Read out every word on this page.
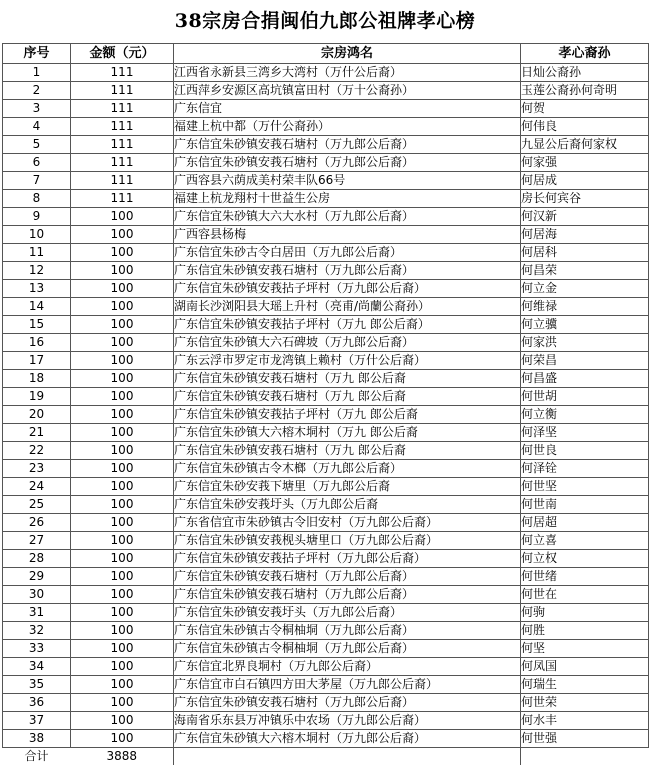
38宗房合捐闽伯九郎公祖牌孝心榜
序号	金额（元）	宗房鸿名	孝心裔孙
1	111	江西省永新县三湾乡大湾村（万什公后裔）	日灿公裔孙
2	111	江西萍乡安源区高坑镇富田村（万十公裔孙）	玉莲公裔孙何奇明
3	111	广东信宜	何贺
4	111	福建上杭中都（万什公裔孙）	何伟良
5	111	广东信宜朱砂镇安莪石塘村（万九郎公后裔）	九显公后裔何家权
6	111	广东信宜朱砂镇安莪石塘村（万九郎公后裔）	何家强
7	111	广西容县六荫成美村荣丰队66号	何居成
8	111	福建上杭龙翔村十世益生公房	房长何宾谷
9	100	广东信宜朱砂镇大六大水村（万九郎公后裔）	何汉新
10	100	广西容县杨梅	何居海
11	100	广东信宜朱砂古令白居田（万九郎公后裔）	何居科
12	100	广东信宜朱砂镇安莪石塘村（万九郎公后裔）	何昌荣
13	100	广东信宜朱砂镇安莪拈子坪村（万九郎公后裔）	何立金
14	100	湖南长沙浏阳县大瑶上升村（亮甫/尚蘭公裔孙）	何维禄
15	100	广东信宜朱砂镇安莪拈子坪村（万九 郎公后裔）	何立骥
16	100	广东信宜朱砂镇大六石碑坡（万九郎公后裔）	何家洪
17	100	广东云浮市罗定市龙湾镇上赖村（万什公后裔）	何荣昌
18	100	广东信宜朱砂镇安莪石塘村（万九 郎公后裔	何昌盛
19	100	广东信宜朱砂镇安莪石塘村（万九 郎公后裔	何世胡
20	100	广东信宜朱砂镇安莪拈子坪村（万九 郎公后裔	何立衡
21	100	广东信宜朱砂镇大六榕木垌村（万九 郎公后裔	何泽坚
22	100	广东信宜朱砂镇安莪石塘村（万九 郎公后裔	何世良
23	100	广东信宜朱砂镇古令木榔（万九郎公后裔）	何泽铨
24	100	广东信宜朱砂安莪下塘里（万九郎公后裔	何世坚
25	100	广东信宜朱砂安莪圩头（万九郎公后裔	何世南
26	100	广东省信宜市朱砂镇古令旧安村（万九郎公后裔）	何居超
27	100	广东信宜朱砂镇安莪枧头塘里口（万九郎公后裔）	何立喜
28	100	广东信宜朱砂镇安莪拈子坪村（万九郎公后裔）	何立权
29	100	广东信宜朱砂镇安莪石塘村（万九郎公后裔）	何世绪
30	100	广东信宜朱砂镇安莪石塘村（万九郎公后裔）	何世在
31	100	广东信宜朱砂镇安莪圩头（万九郎公后裔）	何驹
32	100	广东信宜朱砂镇古令桐柚垌（万九郎公后裔）	何胜
33	100	广东信宜朱砂镇古令桐柚垌（万九郎公后裔）	何坚
34	100	广东信宜北界良垌村（万九郎公后裔）	何凤国
35	100	广东信宜市白石镇四方田大茅屋（万九郎公后裔）	何瑞生
36	100	广东信宜朱砂镇安莪石塘村（万九郎公后裔）	何世荣
37	100	海南省乐东县万冲镇乐中农场（万九郎公后裔）	何水丰
38	100	广东信宜朱砂镇大六榕木垌村（万九郎公后裔）	何世强
合计	3888		
